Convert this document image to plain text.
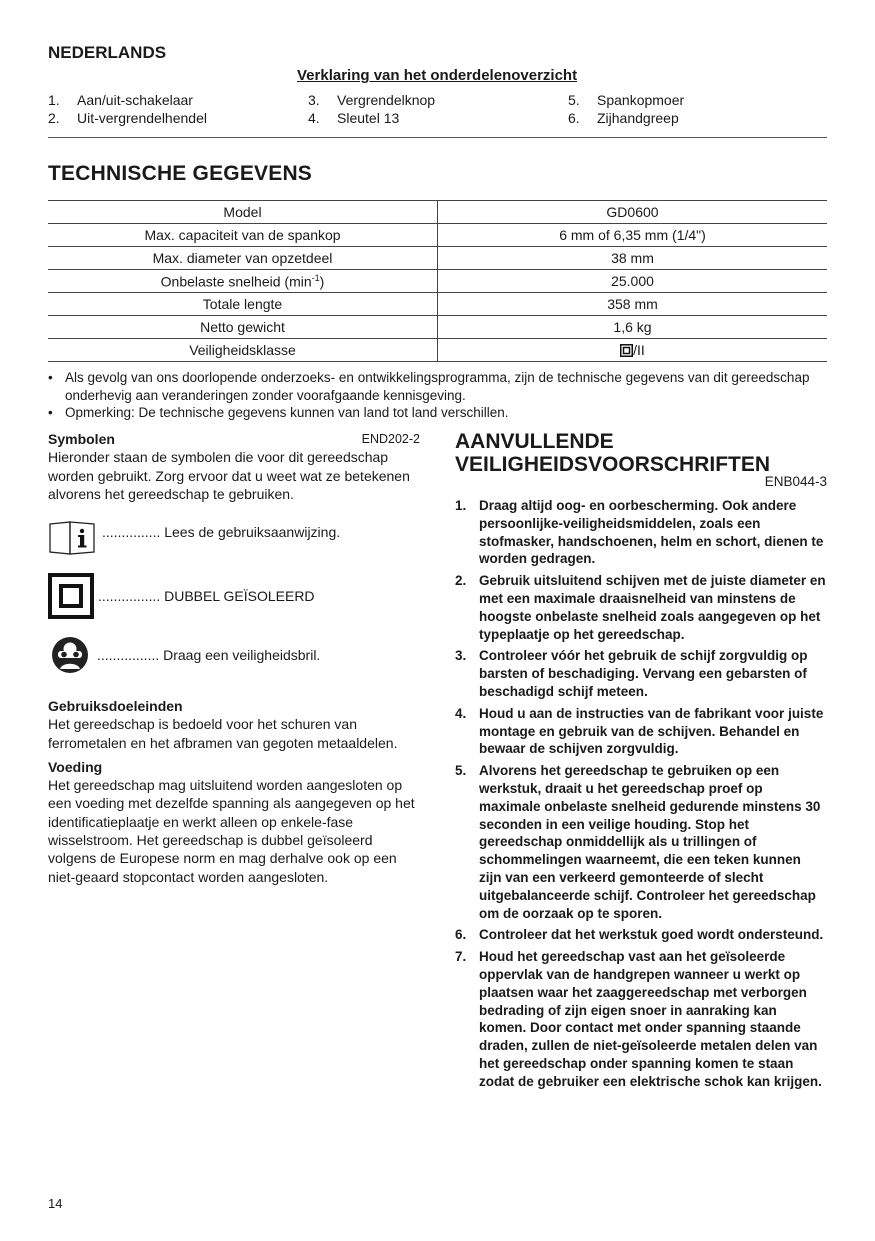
NEDERLANDS
Verklaring van het onderdelenoverzicht
1.	Aan/uit-schakelaar
2.	Uit-vergrendelhendel
3.	Vergrendelknop
4.	Sleutel 13
5.	Spankopmoer
6.	Zijhandgreep
TECHNISCHE GEGEVENS
Model	GD0600
Max. capaciteit van de spankop	6 mm of 6,35 mm (1/4")
Max. diameter van opzetdeel	38 mm
Onbelaste snelheid $(\min^{-1})$	25.000
Totale lengte	358 mm
Netto gewicht	1,6 kg
Veiligheidsklasse	/II
• Als gevolg van ons doorlopende onderzoeks- en ontwikkelingsprogramma, zijn de technische gegevens van dit gereedschap onderhevig aan veranderingen zonder voorafgaande kennisgeving.
• Opmerking: De technische gegevens kunnen van land tot land verschillen.
Symbolen	END202-2
Hieronder staan de symbolen die voor dit gereedschap worden gebruikt. Zorg ervoor dat u weet wat ze betekenen alvorens het gereedschap te gebruiken.
............... Lees de gebruiksaanwijzing.
................ DUBBEL GEÏSOLEERD
................ Draag een veiligheidsbril.
Gebruiksdoeleinden
Het gereedschap is bedoeld voor het schuren van ferrometalen en het afbramen van gegoten metaaldelen.
Voeding
Het gereedschap mag uitsluitend worden aangesloten op een voeding met dezelfde spanning als aangegeven op het identificatieplaatje en werkt alleen op enkele-fase wisselstroom. Het gereedschap is dubbel geïsoleerd volgens de Europese norm en mag derhalve ook op een niet-geaard stopcontact worden aangesloten.
AANVULLENDE
VEILIGHEIDSVOORSCHRIFTEN
ENB044-3
1. Draag altijd oog- en oorbescherming. Ook andere persoonlijke-veiligheidsmiddelen, zoals een stofmasker, handschoenen, helm en schort, dienen te worden gedragen.
2. Gebruik uitsluitend schijven met de juiste diameter en met een maximale draaisnelheid van minstens de hoogste onbelaste snelheid zoals aangegeven op het typeplaatje op het gereedschap.
3. Controleer vóór het gebruik de schijf zorgvuldig op barsten of beschadiging. Vervang een gebarsten of beschadigd schijf meteen.
4. Houd u aan de instructies van de fabrikant voor juiste montage en gebruik van de schijven. Behandel en bewaar de schijven zorgvuldig.
5. Alvorens het gereedschap te gebruiken op een werkstuk, draait u het gereedschap proef op maximale onbelaste snelheid gedurende minstens 30 seconden in een veilige houding. Stop het gereedschap onmiddellijk als u trillingen of schommelingen waarneemt, die een teken kunnen zijn van een verkeerd gemonteerde of slecht uitgebalanceerde schijf. Controleer het gereedschap om de oorzaak op te sporen.
6. Controleer dat het werkstuk goed wordt ondersteund.
7. Houd het gereedschap vast aan het geïsoleerde oppervlak van de handgrepen wanneer u werkt op plaatsen waar het zaaggereedschap met verborgen bedrading of zijn eigen snoer in aanraking kan komen. Door contact met onder spanning staande draden, zullen de niet-geïsoleerde metalen delen van het gereedschap onder spanning komen te staan zodat de gebruiker een elektrische schok kan krijgen.
14
